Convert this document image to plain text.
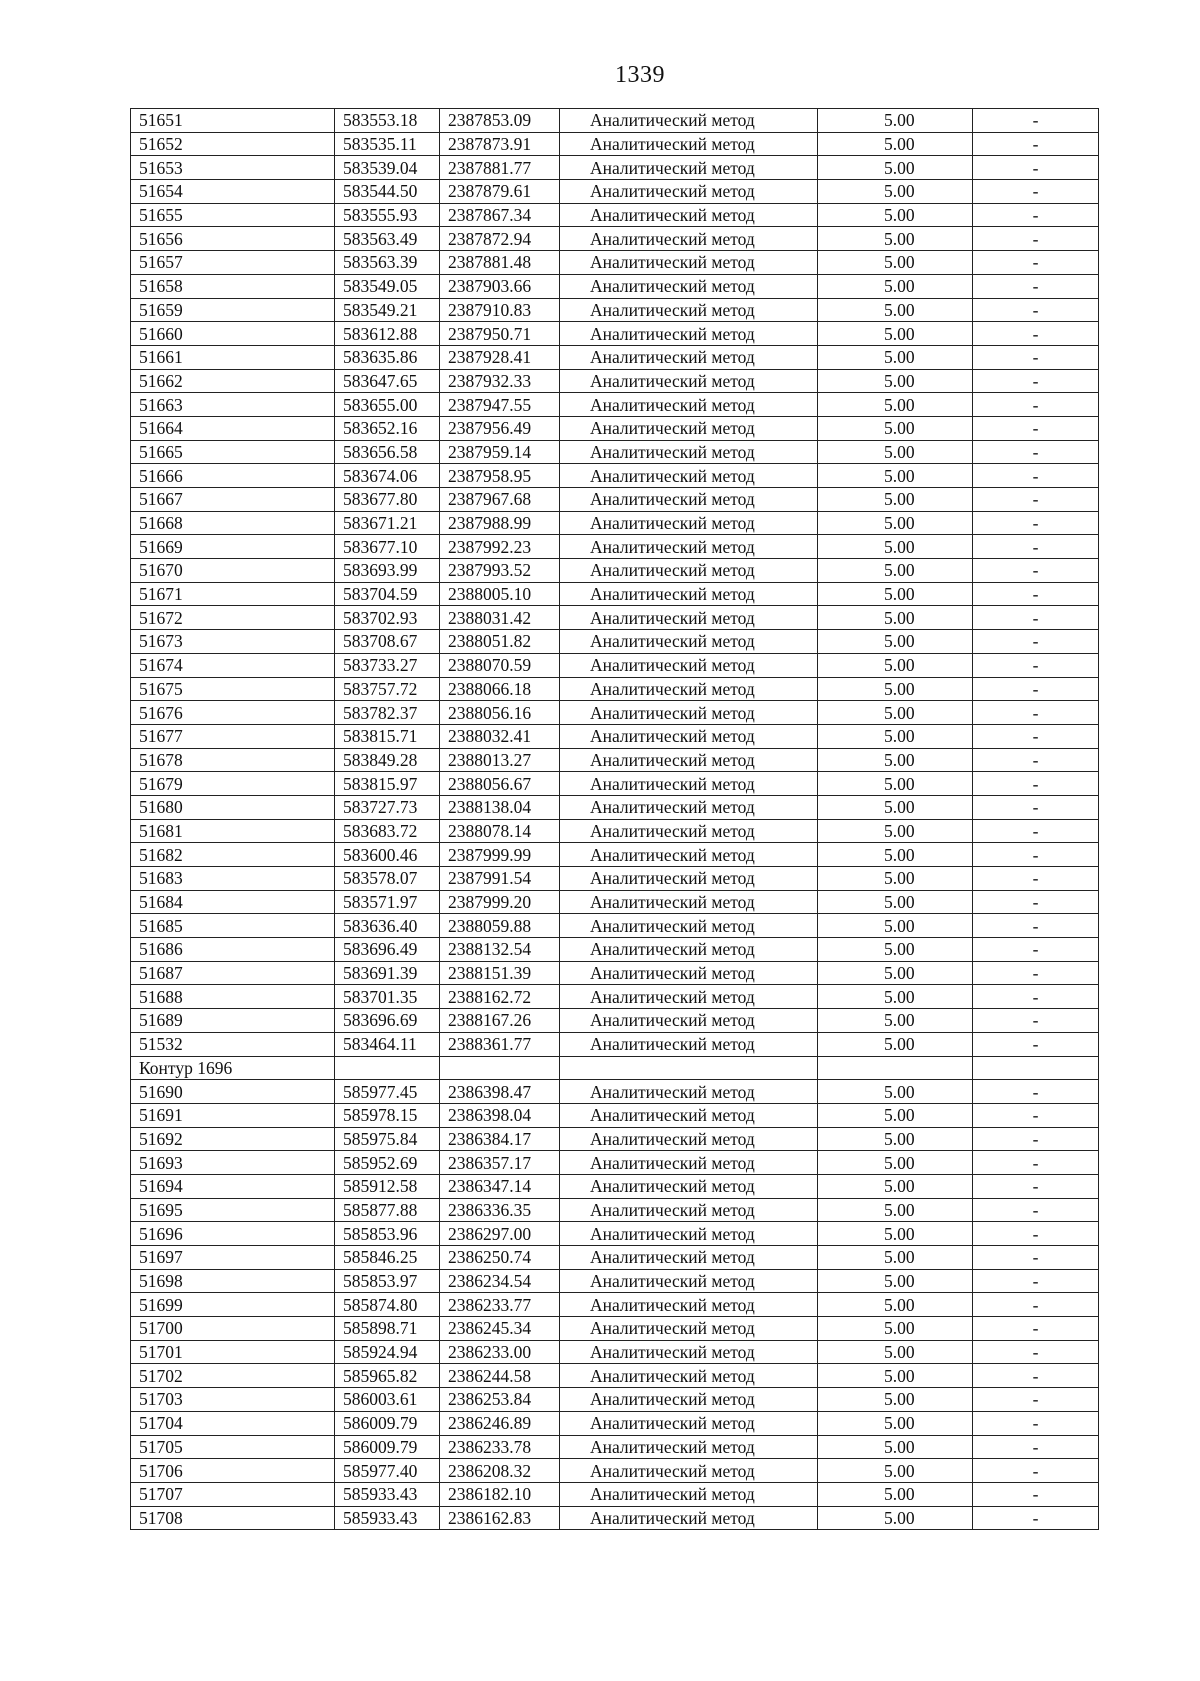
1339
51651	583553.18	2387853.09	Аналитический метод	5.00	-
51652	583535.11	2387873.91	Аналитический метод	5.00	-
51653	583539.04	2387881.77	Аналитический метод	5.00	-
51654	583544.50	2387879.61	Аналитический метод	5.00	-
51655	583555.93	2387867.34	Аналитический метод	5.00	-
51656	583563.49	2387872.94	Аналитический метод	5.00	-
51657	583563.39	2387881.48	Аналитический метод	5.00	-
51658	583549.05	2387903.66	Аналитический метод	5.00	-
51659	583549.21	2387910.83	Аналитический метод	5.00	-
51660	583612.88	2387950.71	Аналитический метод	5.00	-
51661	583635.86	2387928.41	Аналитический метод	5.00	-
51662	583647.65	2387932.33	Аналитический метод	5.00	-
51663	583655.00	2387947.55	Аналитический метод	5.00	-
51664	583652.16	2387956.49	Аналитический метод	5.00	-
51665	583656.58	2387959.14	Аналитический метод	5.00	-
51666	583674.06	2387958.95	Аналитический метод	5.00	-
51667	583677.80	2387967.68	Аналитический метод	5.00	-
51668	583671.21	2387988.99	Аналитический метод	5.00	-
51669	583677.10	2387992.23	Аналитический метод	5.00	-
51670	583693.99	2387993.52	Аналитический метод	5.00	-
51671	583704.59	2388005.10	Аналитический метод	5.00	-
51672	583702.93	2388031.42	Аналитический метод	5.00	-
51673	583708.67	2388051.82	Аналитический метод	5.00	-
51674	583733.27	2388070.59	Аналитический метод	5.00	-
51675	583757.72	2388066.18	Аналитический метод	5.00	-
51676	583782.37	2388056.16	Аналитический метод	5.00	-
51677	583815.71	2388032.41	Аналитический метод	5.00	-
51678	583849.28	2388013.27	Аналитический метод	5.00	-
51679	583815.97	2388056.67	Аналитический метод	5.00	-
51680	583727.73	2388138.04	Аналитический метод	5.00	-
51681	583683.72	2388078.14	Аналитический метод	5.00	-
51682	583600.46	2387999.99	Аналитический метод	5.00	-
51683	583578.07	2387991.54	Аналитический метод	5.00	-
51684	583571.97	2387999.20	Аналитический метод	5.00	-
51685	583636.40	2388059.88	Аналитический метод	5.00	-
51686	583696.49	2388132.54	Аналитический метод	5.00	-
51687	583691.39	2388151.39	Аналитический метод	5.00	-
51688	583701.35	2388162.72	Аналитический метод	5.00	-
51689	583696.69	2388167.26	Аналитический метод	5.00	-
51532	583464.11	2388361.77	Аналитический метод	5.00	-
Контур 1696					
51690	585977.45	2386398.47	Аналитический метод	5.00	-
51691	585978.15	2386398.04	Аналитический метод	5.00	-
51692	585975.84	2386384.17	Аналитический метод	5.00	-
51693	585952.69	2386357.17	Аналитический метод	5.00	-
51694	585912.58	2386347.14	Аналитический метод	5.00	-
51695	585877.88	2386336.35	Аналитический метод	5.00	-
51696	585853.96	2386297.00	Аналитический метод	5.00	-
51697	585846.25	2386250.74	Аналитический метод	5.00	-
51698	585853.97	2386234.54	Аналитический метод	5.00	-
51699	585874.80	2386233.77	Аналитический метод	5.00	-
51700	585898.71	2386245.34	Аналитический метод	5.00	-
51701	585924.94	2386233.00	Аналитический метод	5.00	-
51702	585965.82	2386244.58	Аналитический метод	5.00	-
51703	586003.61	2386253.84	Аналитический метод	5.00	-
51704	586009.79	2386246.89	Аналитический метод	5.00	-
51705	586009.79	2386233.78	Аналитический метод	5.00	-
51706	585977.40	2386208.32	Аналитический метод	5.00	-
51707	585933.43	2386182.10	Аналитический метод	5.00	-
51708	585933.43	2386162.83	Аналитический метод	5.00	-
